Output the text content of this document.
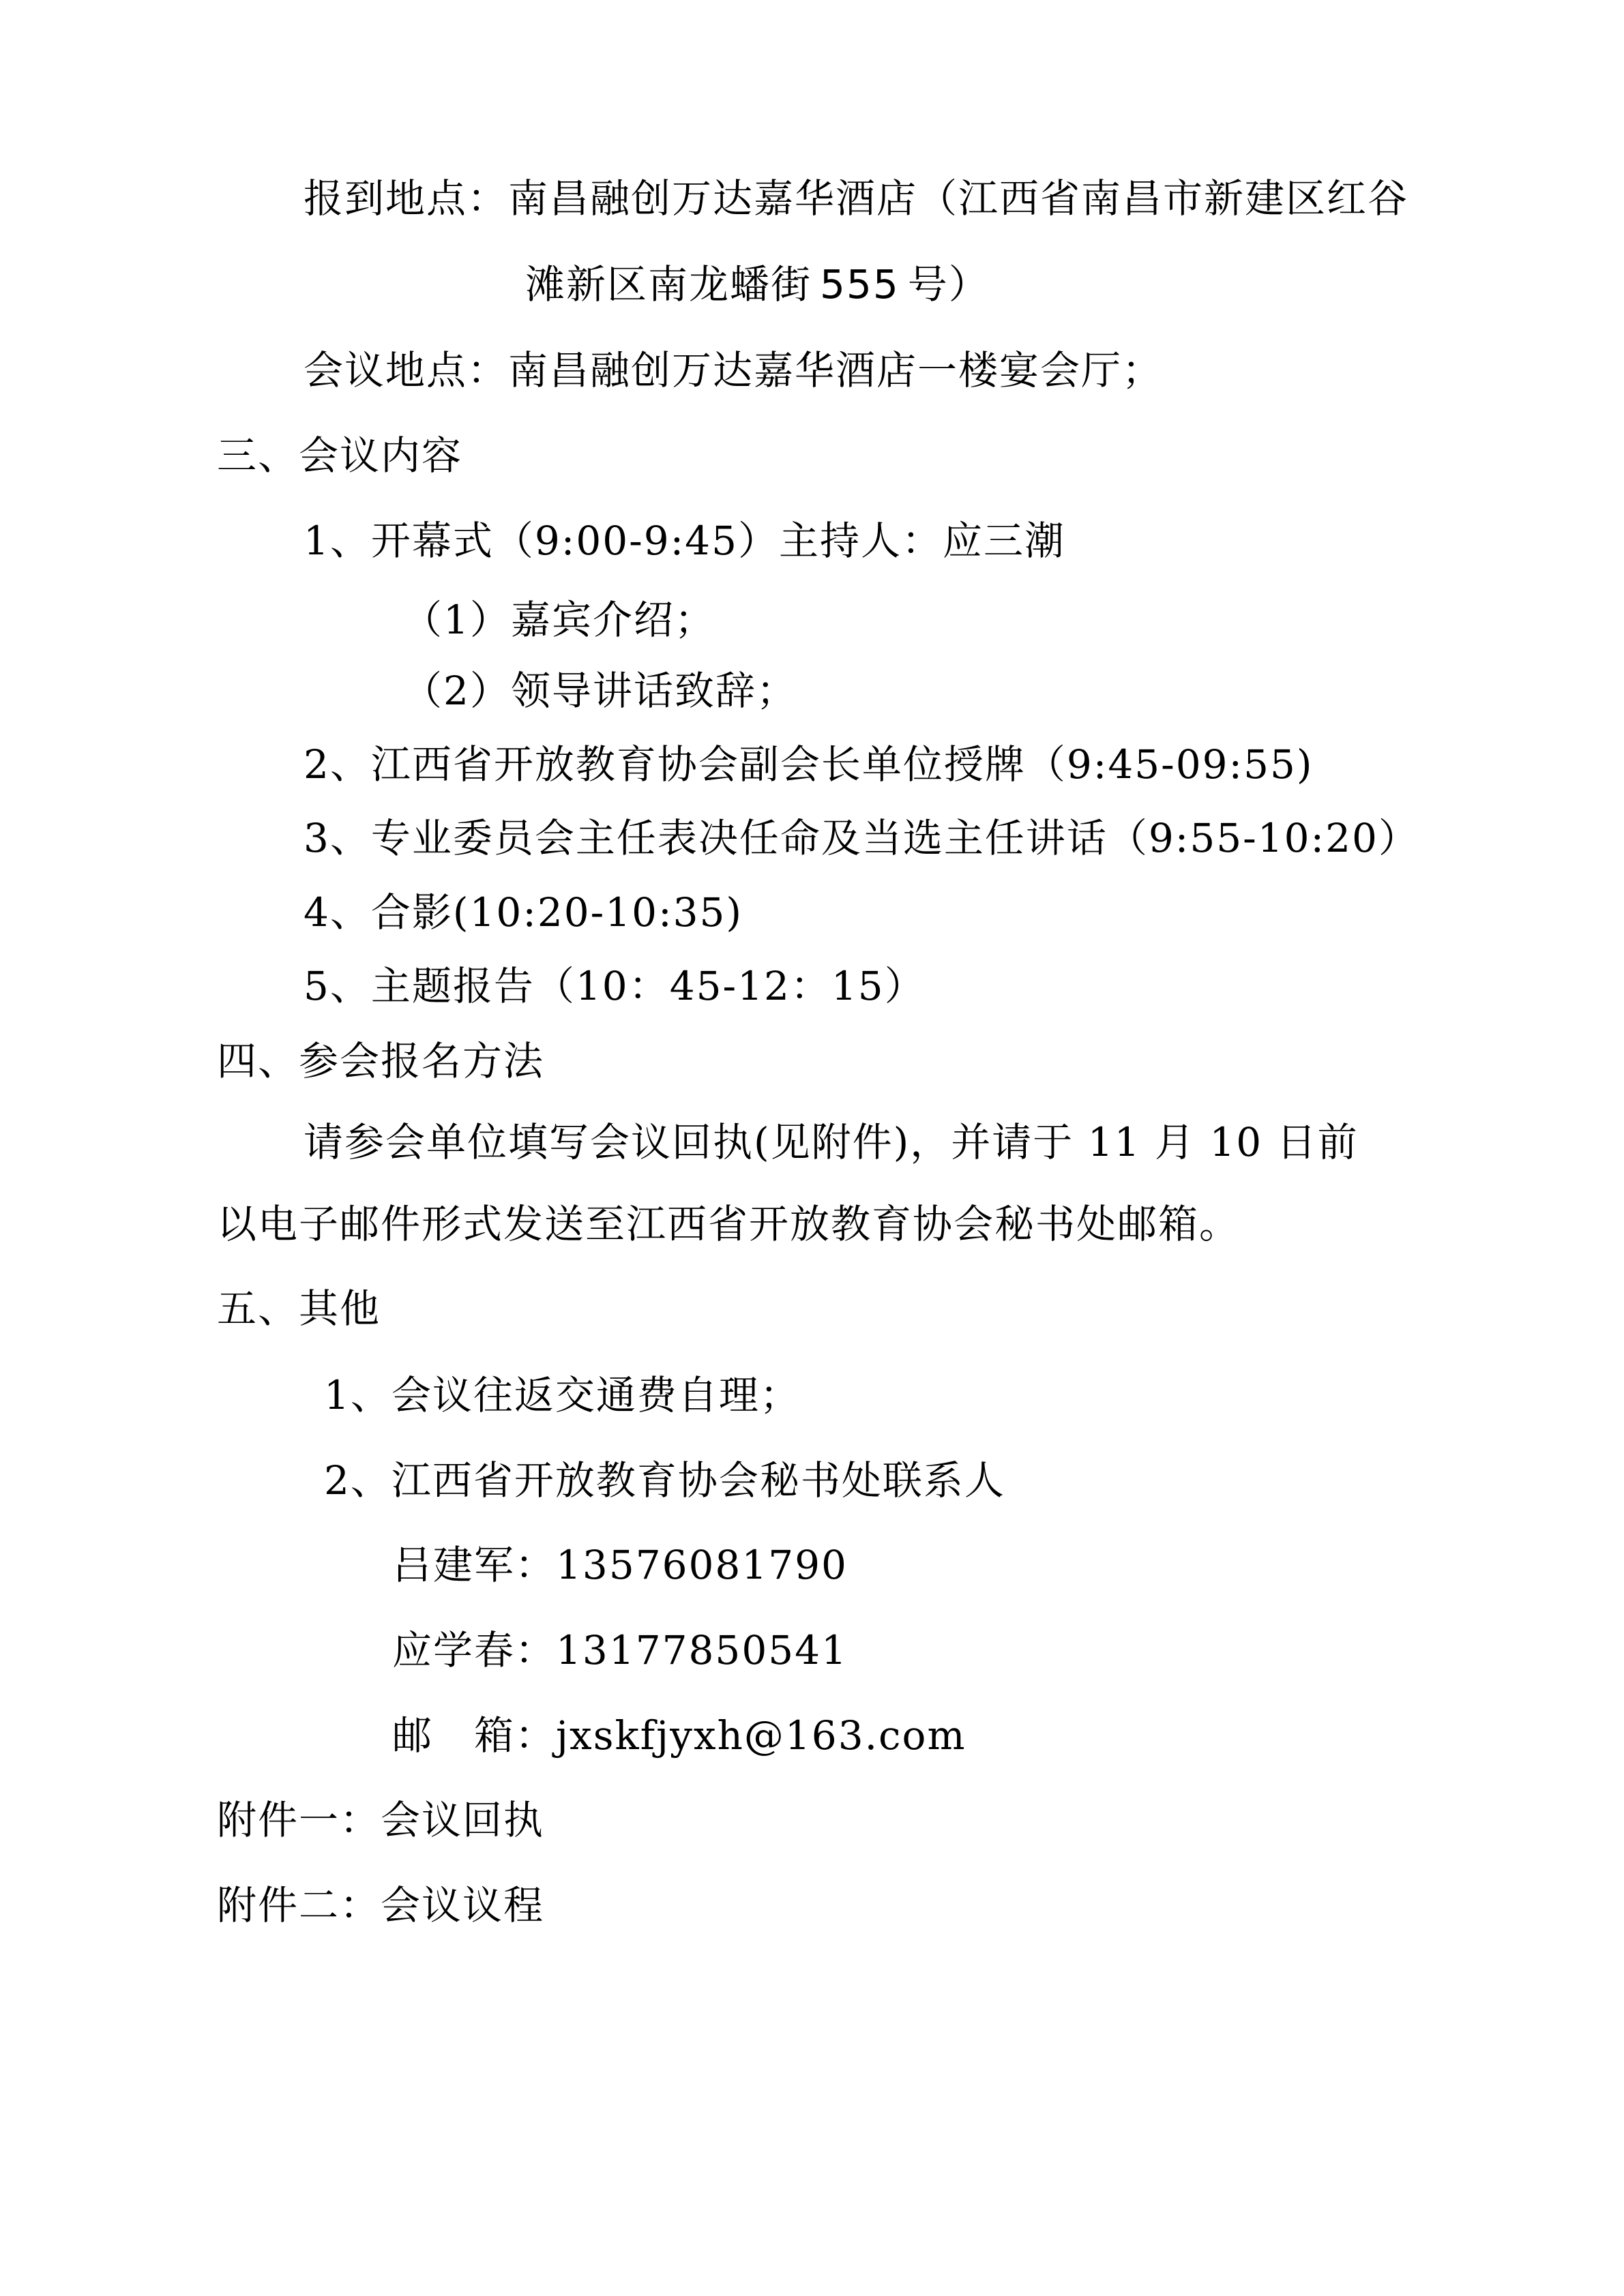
报到地点：南昌融创万达嘉华酒店（江西省南昌市新建区红谷
滩新区南龙蟠街 555 号）
会议地点：南昌融创万达嘉华酒店一楼宴会厅；
三、会议内容
1、开幕式（9:00-9:45）主持人：应三潮
（1）嘉宾介绍；
（2）领导讲话致辞；
2、江西省开放教育协会副会长单位授牌（9:45-09:55)
3、专业委员会主任表决任命及当选主任讲话（9:55-10:20）
4、合影(10:20-10:35)
5、主题报告（10：45-12：15）
四、参会报名方法
请参会单位填写会议回执(见附件)，并请于 11 月 10 日前
以电子邮件形式发送至江西省开放教育协会秘书处邮箱。
五、其他
1、会议往返交通费自理；
2、江西省开放教育协会秘书处联系人
吕建军：13576081790
应学春：13177850541
邮　箱：jxskfjyxh@163.com
附件一：会议回执
附件二：会议议程
